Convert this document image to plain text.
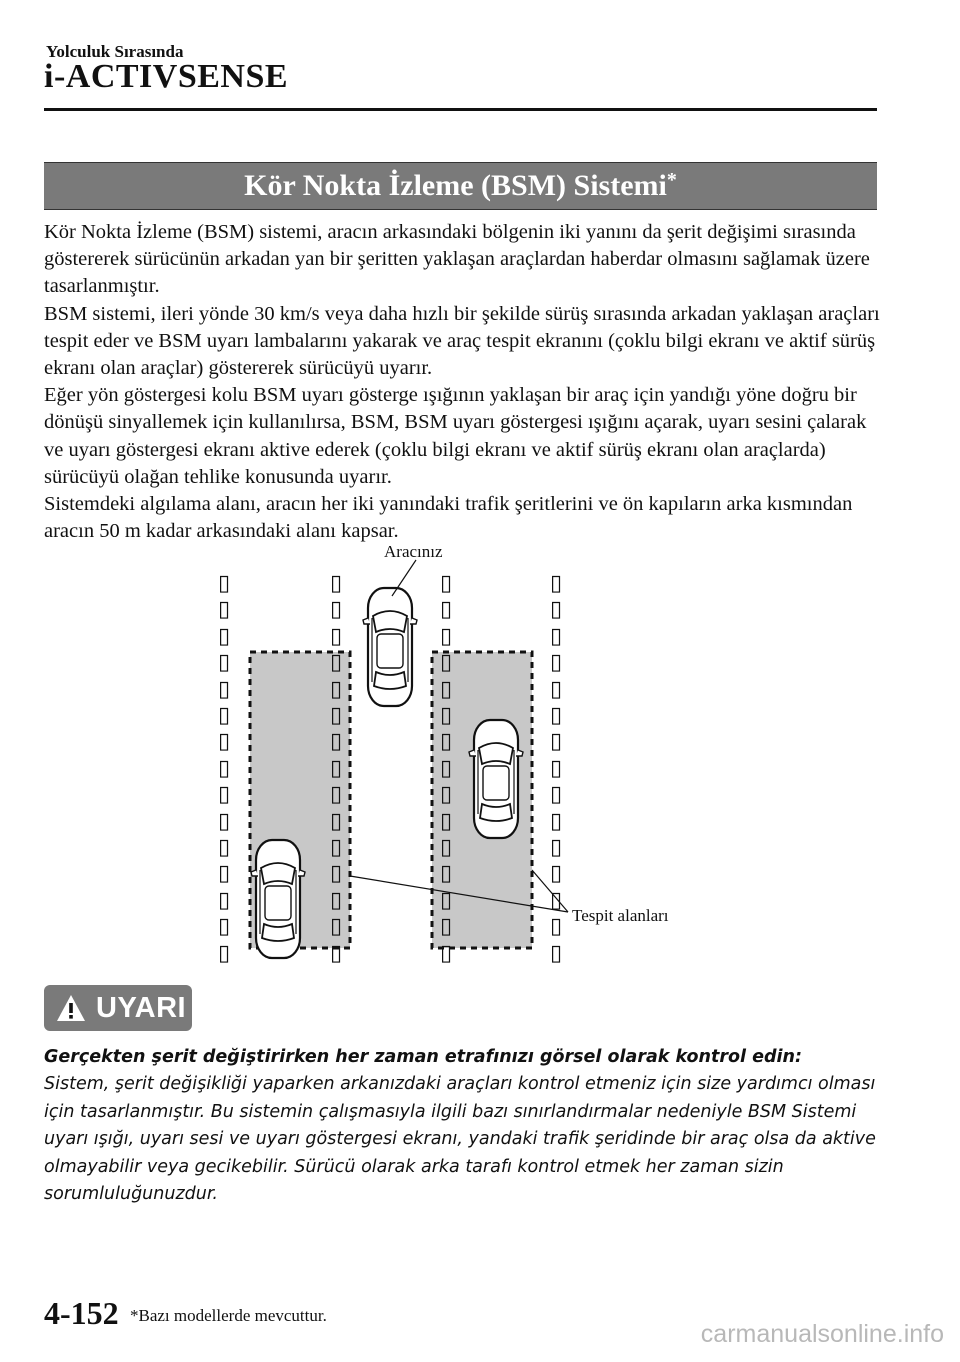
Yolculuk Sırasında
i-ACTIVSENSE
Kör Nokta İzleme (BSM) Sistemi*

Kör Nokta İzleme (BSM) sistemi, aracın arkasındaki bölgenin iki yanını da şerit değişimi sırasında göstererek sürücünün arkadan yan bir şeritten yaklaşan araçlardan haberdar olmasını sağlamak üzere tasarlanmıştır.

BSM sistemi, ileri yönde 30 km/s veya daha hızlı bir şekilde sürüş sırasında arkadan yaklaşan araçları tespit eder ve BSM uyarı lambalarını yakarak ve araç tespit ekranını (çoklu bilgi ekranı ve aktif sürüş ekranı olan araçlar) göstererek sürücüyü uyarır.

Eğer yön göstergesi kolu BSM uyarı gösterge ışığının yaklaşan bir araç için yandığı yöne doğru bir dönüşü sinyallemek için kullanılırsa, BSM, BSM uyarı göstergesi ışığını açarak, uyarı sesini çalarak ve uyarı göstergesi ekranı aktive ederek (çoklu bilgi ekranı ve aktif sürüş ekranı olan araçlarda) sürücüyü olağan tehlike konusunda uyarır.

Sistemdeki algılama alanı, aracın her iki yanındaki trafik şeritlerini ve ön kapıların arka kısmından aracın 50 m kadar arkasındaki alanı kapsar.

▯
▯
▯
▯
▯
▯
▯
▯
▯
▯
▯
▯
▯
▯
▯
▯
▯
▯
▯
▯
▯
▯
▯
▯
▯
▯
▯
▯
▯
▯
▯
▯
▯
▯
▯
▯
▯
▯
▯
▯
▯
▯
▯
▯
▯
▯
▯
▯
▯
▯
▯
▯
▯
▯
▯
▯
▯
▯
▯
▯
Aracınız
Tespit alanları
UYARI

Gerçekten şerit değiştirirken her zaman etrafınızı görsel olarak kontrol edin:

Sistem, şerit değişikliği yaparken arkanızdaki araçları kontrol etmeniz için size yardımcı olması için tasarlanmıştır. Bu sistemin çalışmasıyla ilgili bazı sınırlandırmalar nedeniyle BSM Sistemi uyarı ışığı, uyarı sesi ve uyarı göstergesi ekranı, yandaki trafik şeridinde bir araç olsa da aktive olmayabilir veya gecikebilir. Sürücü olarak arka tarafı kontrol etmek her zaman sizin sorumluluğunuzdur.

4-152 *Bazı modellerde mevcuttur.
carmanualsonline.info
